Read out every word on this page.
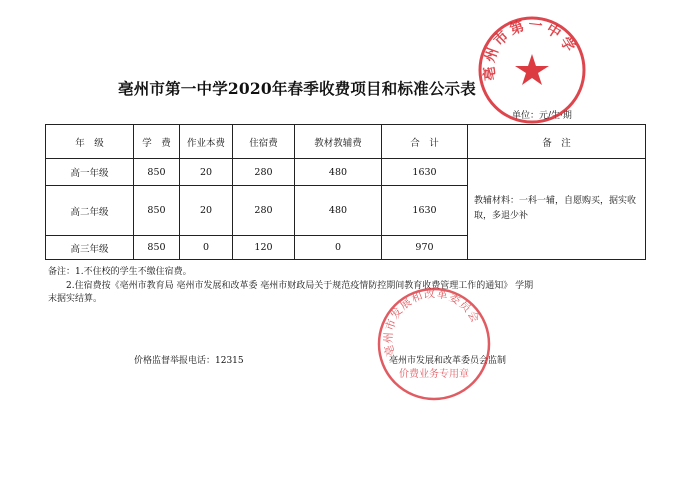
亳州市第一中学2020年春季收费项目和标准公示表
单位：元/生·期
年　级	学　费	作业本费	住宿费	教材教辅费	合　计	备　注
高一年级	850	20	280	480	1630	教辅材料：一科一辅，自愿购买，据实收取，多退少补
高二年级	850	20	280	480	1630	
高三年级	850	0	120	0	970	
备注：1.不住校的学生不缴住宿费。
2.住宿费按《亳州市教育局 亳州市发展和改革委 亳州市财政局关于规范疫情防控期间教育收费管理工作的通知》 学期
末据实结算。
价格监督举报电话：12315	亳州市发展和改革委员会监制
亳州市第一中学
亳州市发展和改革委员会
价费业务专用章
